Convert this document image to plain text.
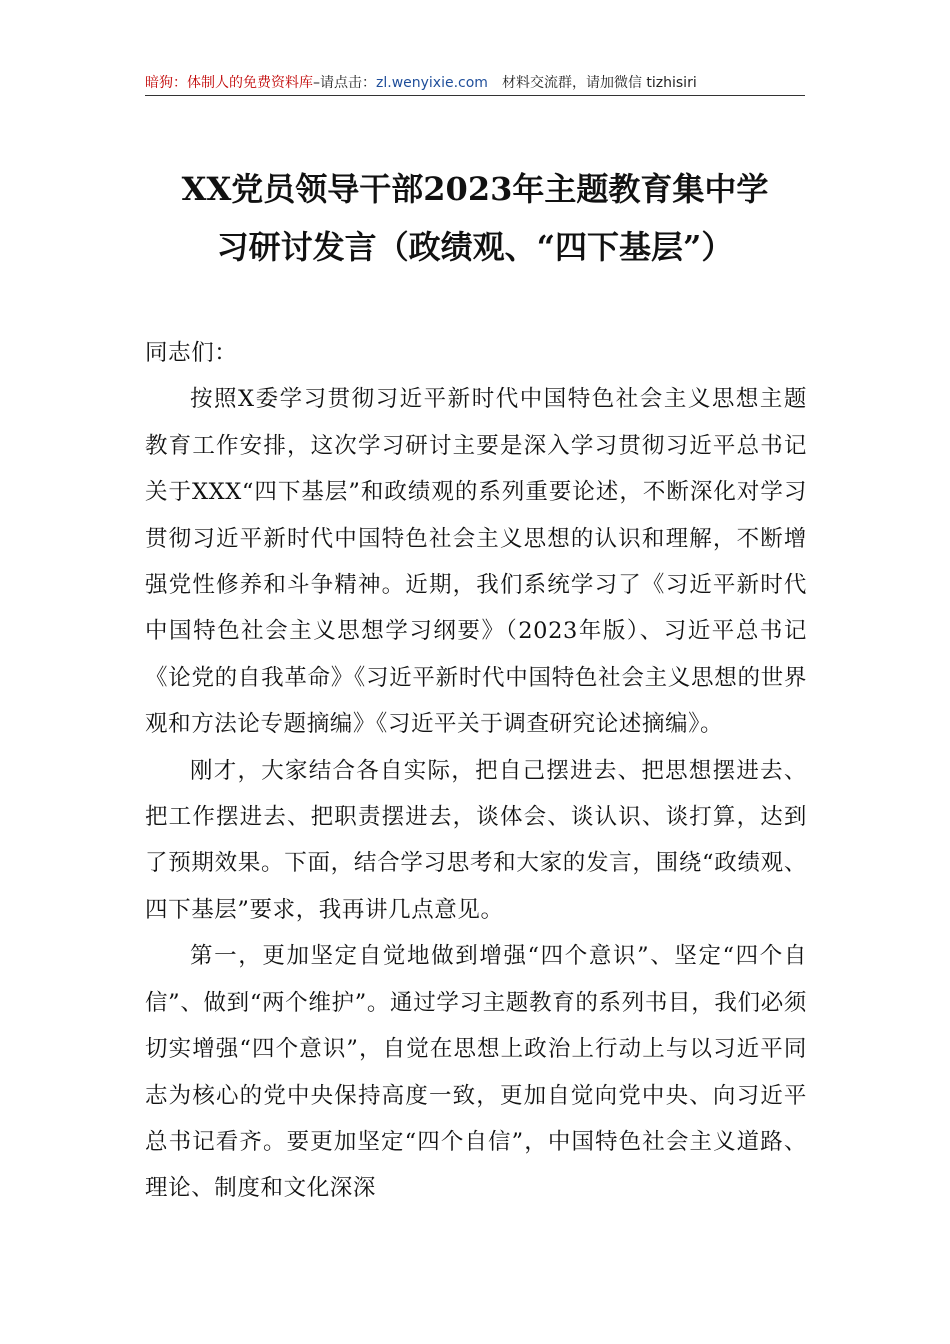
暗狗：体制人的免费资料库 –请点击： zl.wenyixie.com 材料交流群，请加微信 tizhisiri
XX党员领导干部2023年主题教育集中学
习研讨发言（政绩观、“四下基层”）

同志们：

按照X委学习贯彻习近平新时代中国特色社会主义思想主题教育工作安排，这次学习研讨主要是深入学习贯彻习近平总书记关于XXX“四下基层”和政绩观的系列重要论述，不断深化对学习贯彻习近平新时代中国特色社会主义思想的认识和理解，不断增强党性修养和斗争精神。近期，我们系统学习了《习近平新时代中国特色社会主义思想学习纲要》（2023年版）、习近平总书记《论党的自我革命》《习近平新时代中国特色社会主义思想的世界观和方法论专题摘编》《习近平关于调查研究论述摘编》。

刚才，大家结合各自实际，把自己摆进去、把思想摆进去、把工作摆进去、把职责摆进去，谈体会、谈认识、谈打算，达到了预期效果。下面，结合学习思考和大家的发言，围绕“政绩观、四下基层”要求，我再讲几点意见。

第一，更加坚定自觉地做到增强“四个意识”、坚定“四个自信”、做到“两个维护”。通过学习主题教育的系列书目，我们必须切实增强“四个意识”，自觉在思想上政治上行动上与以习近平同志为核心的党中央保持高度一致，更加自觉向党中央、向习近平总书记看齐。要更加坚定“四个自信”，中国特色社会主义道路、理论、制度和文化深深
